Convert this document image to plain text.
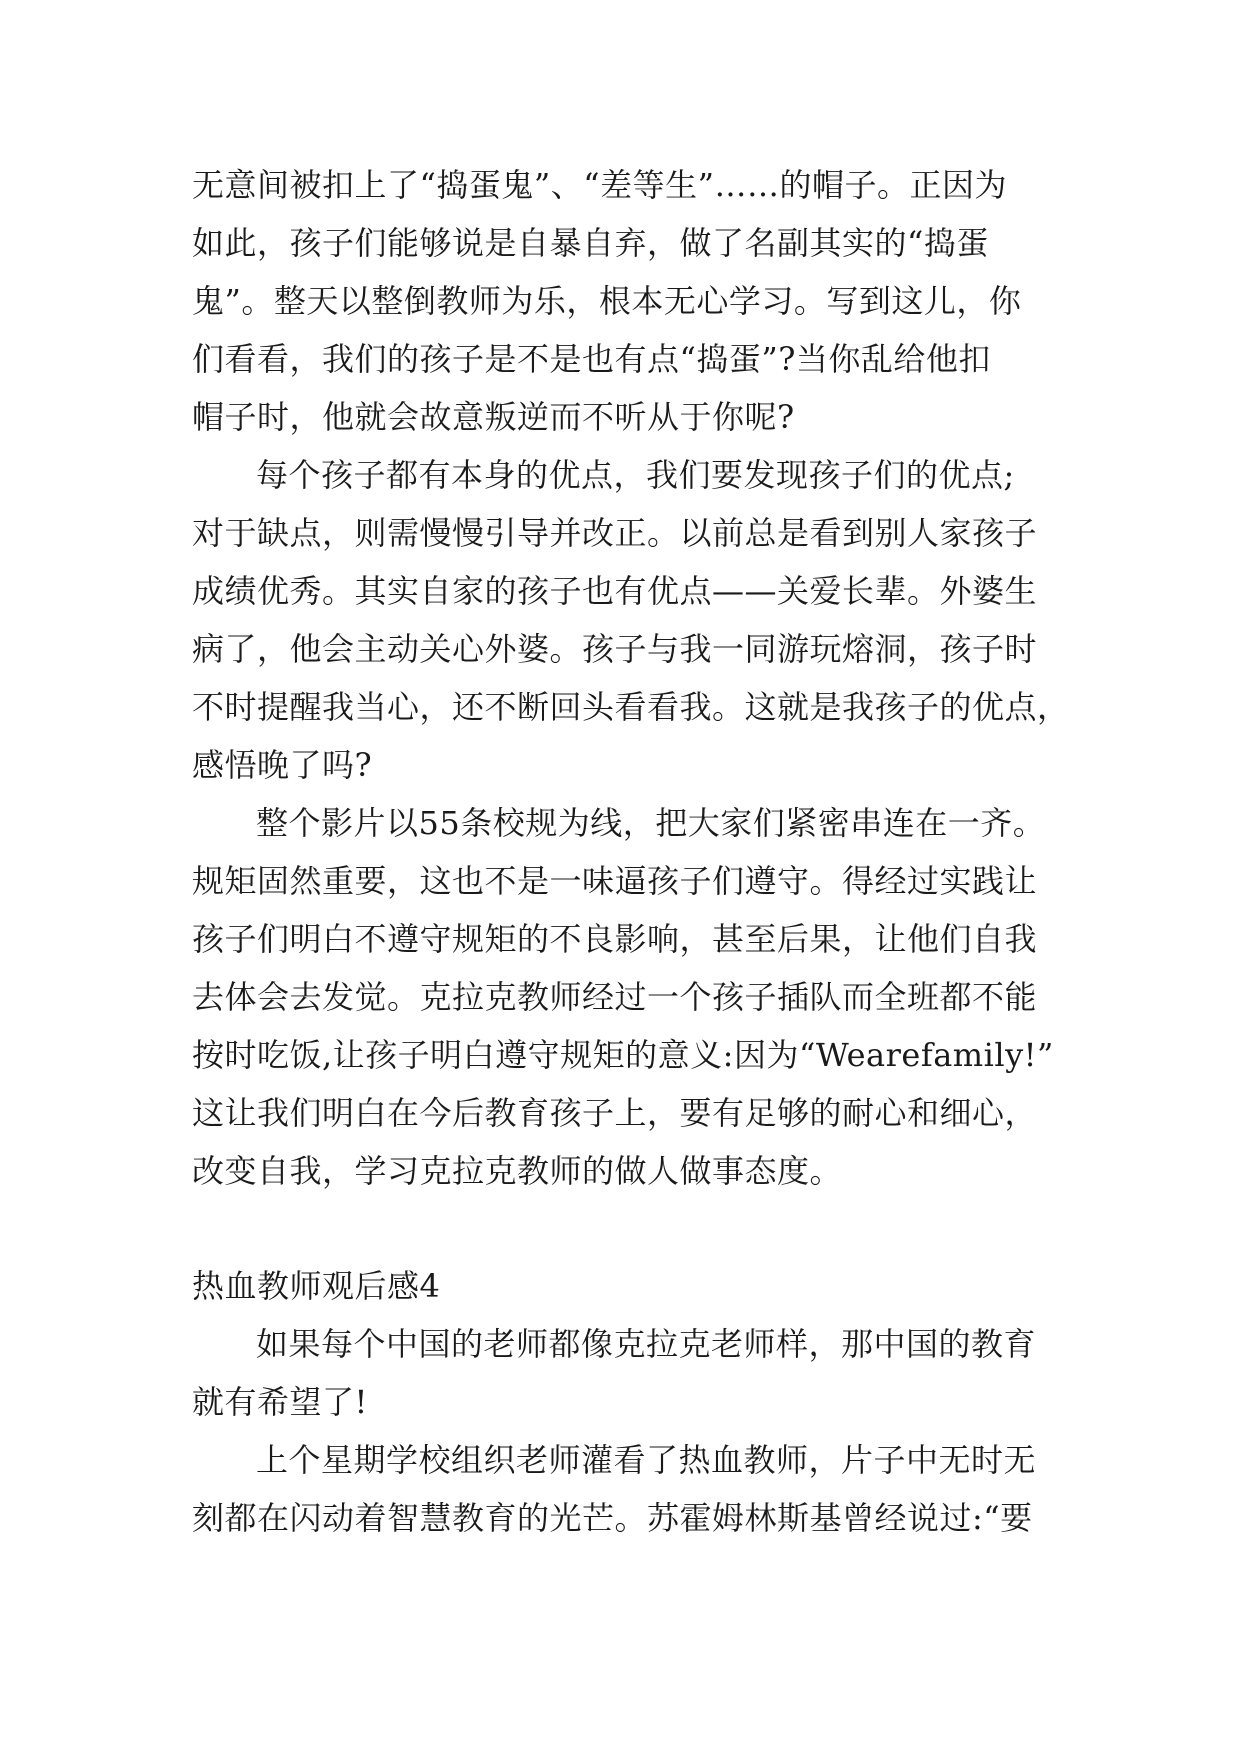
无意间被扣上了“捣蛋鬼”、“差等生”……的帽子。正因为
如此，孩子们能够说是自暴自弃，做了名副其实的“捣蛋
鬼”。整天以整倒教师为乐，根本无心学习。写到这儿，你
们看看，我们的孩子是不是也有点“捣蛋”?当你乱给他扣
帽子时，他就会故意叛逆而不听从于你呢?
每个孩子都有本身的优点，我们要发现孩子们的优点;
对于缺点，则需慢慢引导并改正。以前总是看到别人家孩子
成绩优秀。其实自家的孩子也有优点——关爱长辈。外婆生
病了，他会主动关心外婆。孩子与我一同游玩熔洞，孩子时
不时提醒我当心，还不断回头看看我。这就是我孩子的优点，
感悟晚了吗?
整个影片以55条校规为线，把大家们紧密串连在一齐。
规矩固然重要，这也不是一味逼孩子们遵守。得经过实践让
孩子们明白不遵守规矩的不良影响，甚至后果，让他们自我
去体会去发觉。克拉克教师经过一个孩子插队而全班都不能
按时吃饭,让孩子明白遵守规矩的意义:因为“Wearefamily!”
这让我们明白在今后教育孩子上，要有足够的耐心和细心，
改变自我，学习克拉克教师的做人做事态度。
热血教师观后感4
如果每个中国的老师都像克拉克老师样，那中国的教育
就有希望了!
上个星期学校组织老师灌看了热血教师，片子中无时无
刻都在闪动着智慧教育的光芒。苏霍姆林斯基曾经说过:“要
